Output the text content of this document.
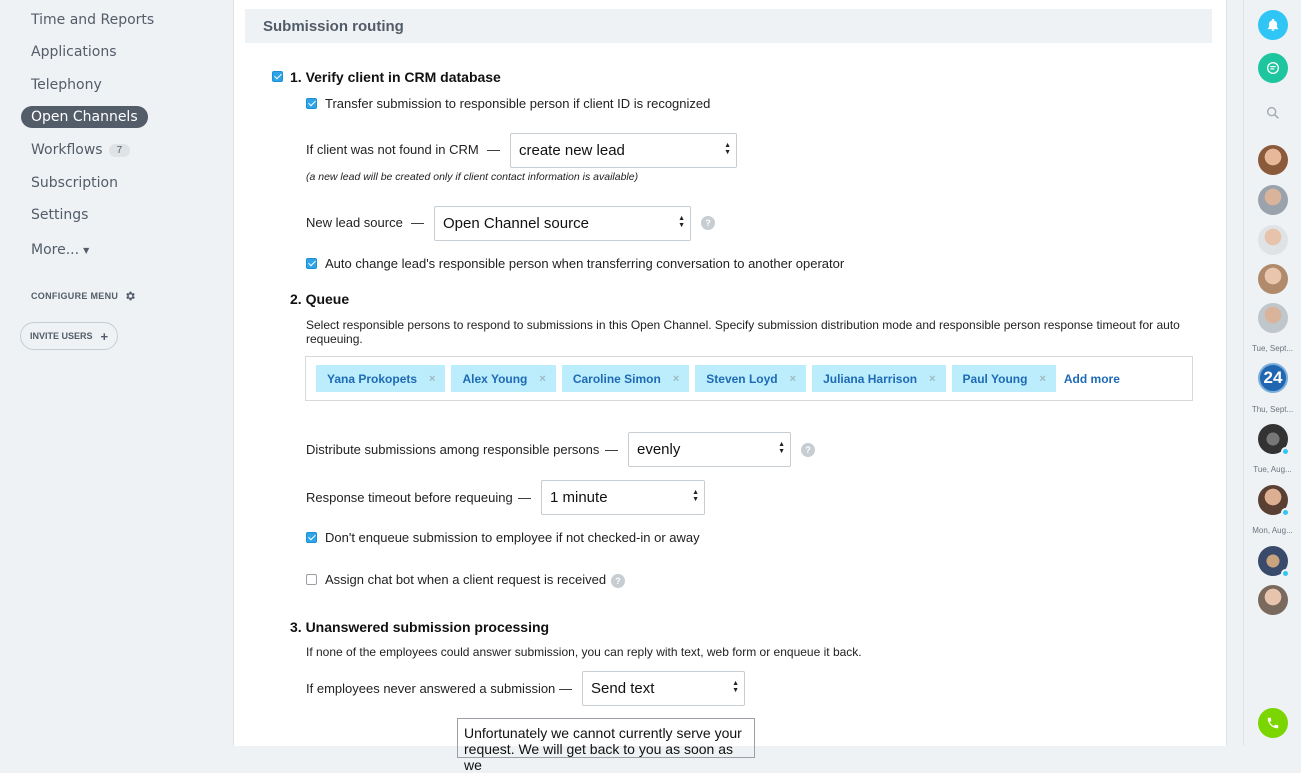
Time and Reports
Applications
Telephony
Open Channels
Workflows	7
Subscription
Settings
More... ▼
CONFIGURE MENU
INVITE USERS +
Submission routing
1. Verify client in CRM database
Transfer submission to responsible person if client ID is recognized
If client was not found in CRM — create new lead	▲
▼
(a new lead will be created only if client contact information is available)
New lead source — Open Channel source	▲
▼	?
Auto change lead's responsible person when transferring conversation to another operator
2. Queue
Select responsible persons to respond to submissions in this Open Channel. Specify submission distribution mode and responsible person response timeout for auto
requeuing.
Yana Prokopets × Alex Young × Caroline Simon × Steven Loyd × Juliana Harrison × Paul Young × Add more
Distribute submissions among responsible persons — evenly	▲
▼	?
Response timeout before requeuing — 1 minute	▲
▼
Don't enqueue submission to employee if not checked-in or away
Assign chat bot when a client request is received	?
3. Unanswered submission processing
If none of the employees could answer submission, you can reply with text, web form or enqueue it back.
If employees never answered a submission — Send text	▲
▼
Unfortunately we cannot currently serve your request. We will get back to you as soon as we
Tue, Sept...
24
Thu, Sept...
Tue, Aug...
Mon, Aug...
